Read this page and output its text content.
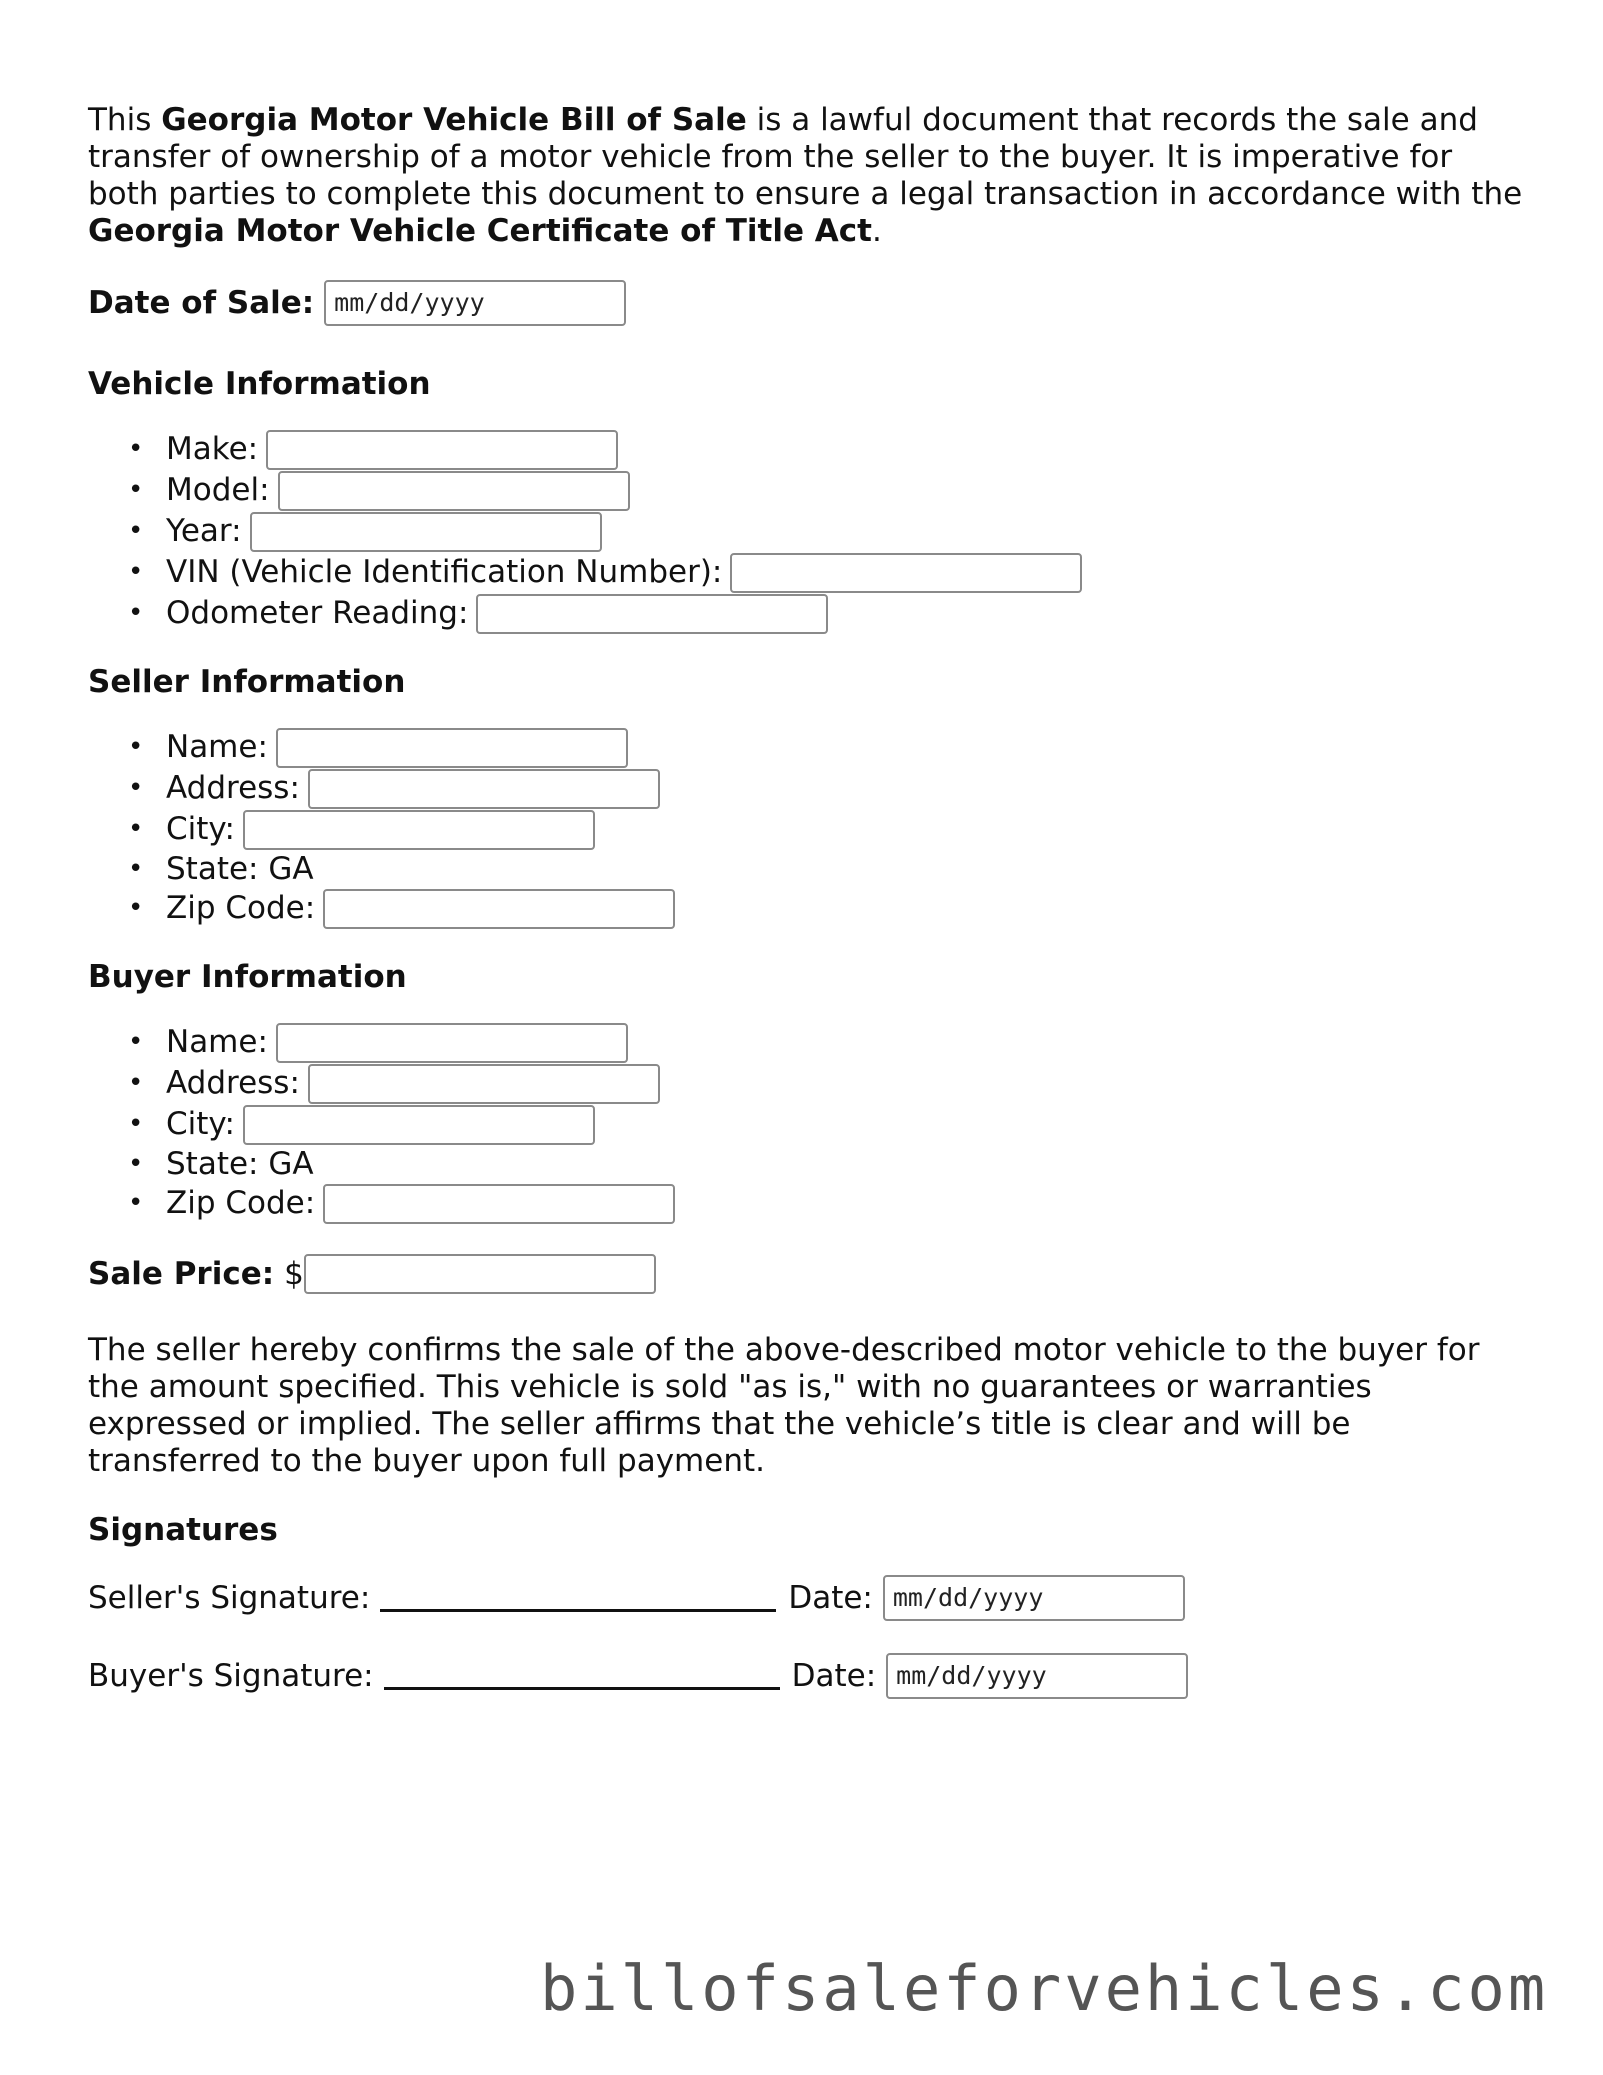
This Georgia Motor Vehicle Bill of Sale is a lawful document that records the sale and transfer of ownership of a motor vehicle from the seller to the buyer. It is imperative for both parties to complete this document to ensure a legal transaction in accordance with the Georgia Motor Vehicle Certificate of Title Act.

Date of Sale: mm/dd/yyyy
Vehicle Information
• Make:
• Model:
• Year:
• VIN (Vehicle Identification Number):
• Odometer Reading:
Seller Information
• Name:
• Address:
• City:
• State: GA
• Zip Code:
Buyer Information
• Name:
• Address:
• City:
• State: GA
• Zip Code:
Sale Price: $

The seller hereby confirms the sale of the above-described motor vehicle to the buyer for the amount specified. This vehicle is sold "as is," with no guarantees or warranties expressed or implied. The seller affirms that the vehicle’s title is clear and will be transferred to the buyer upon full payment.

Signatures
Seller's Signature:	Date: mm/dd/yyyy
Buyer's Signature:	Date: mm/dd/yyyy
billofsaleforvehicles.com
